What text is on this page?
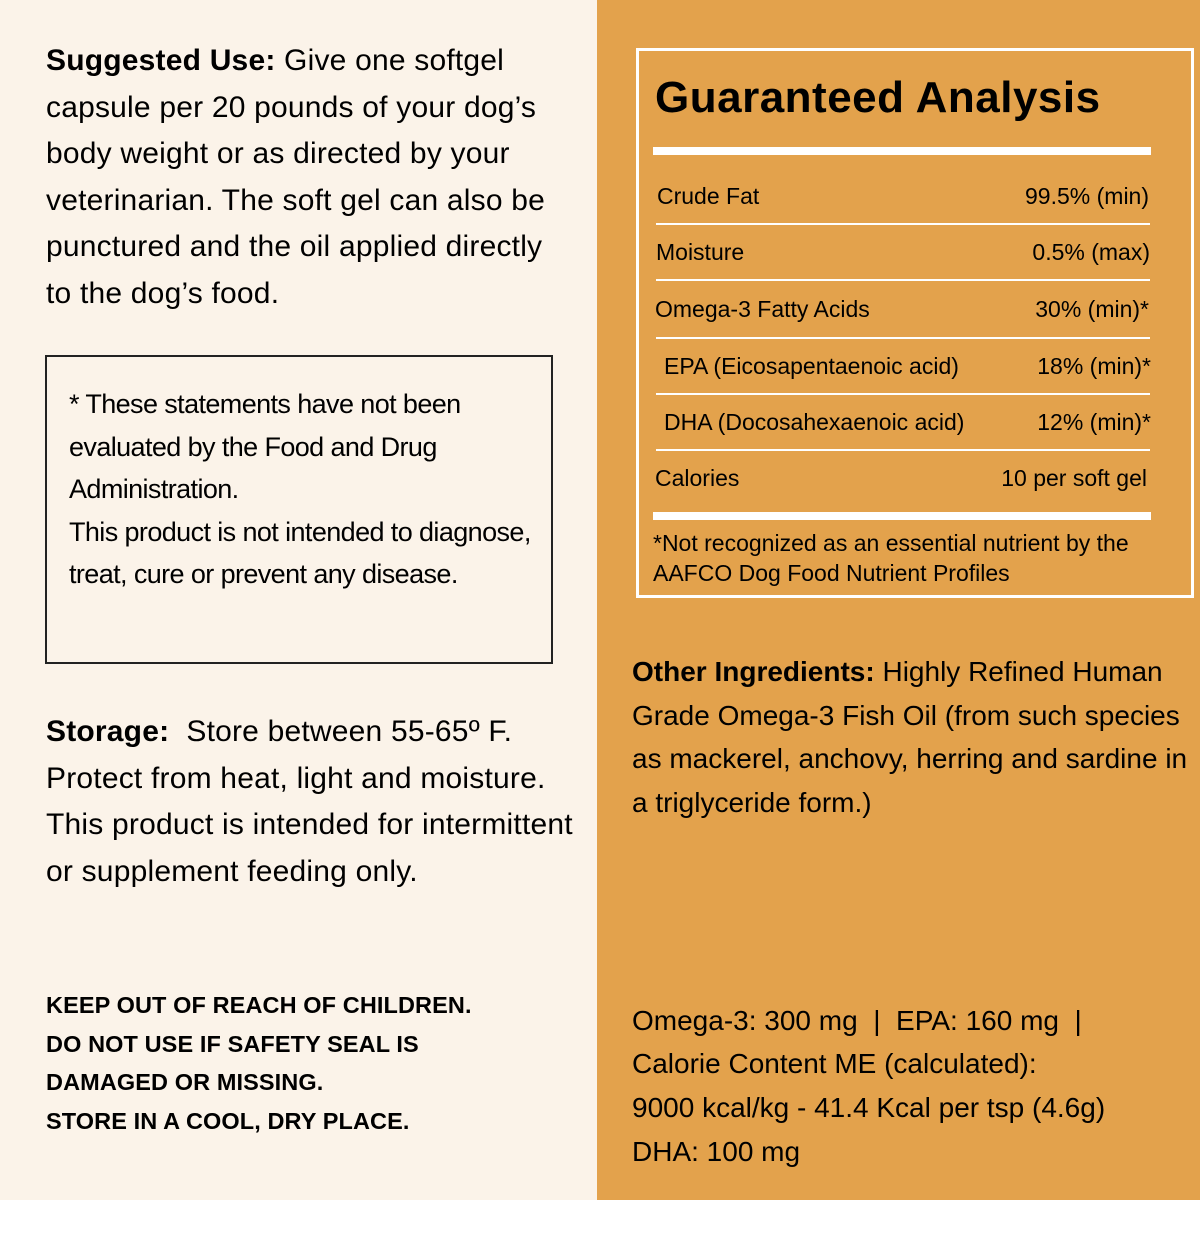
Suggested Use: Give one softgel capsule per 20 pounds of your dog’s body weight or as directed by your veterinarian. The soft gel can also be punctured and the oil applied directly to the dog’s food.

* These statements have not been evaluated by the Food and Drug Administration.
This product is not intended to diagnose, treat, cure or prevent any disease.

Storage:  Store between 55-65º F. Protect from heat, light and moisture. This product is intended for intermittent or supplement feeding only.

KEEP OUT OF REACH OF CHILDREN.
DO NOT USE IF SAFETY SEAL IS
DAMAGED OR MISSING.
STORE IN A COOL, DRY PLACE.
Guaranteed Analysis
Crude Fat	99.5% (min)
Moisture	0.5% (max)
Omega-3 Fatty Acids	30% (min)*
EPA (Eicosapentaenoic acid)	18% (min)*
DHA (Docosahexaenoic acid)	12% (min)*
Calories	10 per soft gel
*Not recognized as an essential nutrient by the AAFCO Dog Food Nutrient Profiles

Other Ingredients: Highly Refined Human Grade Omega-3 Fish Oil (from such species as mackerel, anchovy, herring and sardine in a triglyceride form.)

Omega-3: 300 mg  |  EPA: 160 mg  |

DHA: 100 mg

Calorie Content ME (calculated):
9000 kcal/kg - 41.4 Kcal per tsp (4.6g)
